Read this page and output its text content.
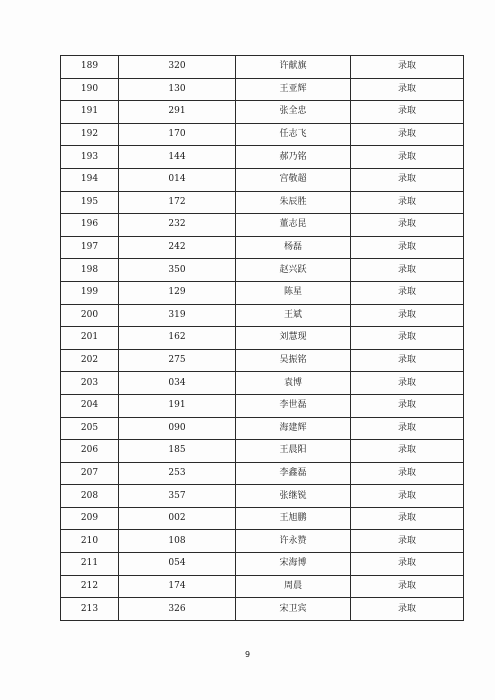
189	320	许献旗	录取
190	130	王亚辉	录取
191	291	张全忠	录取
192	170	任志飞	录取
193	144	郝乃铭	录取
194	014	宫敬超	录取
195	172	朱辰胜	录取
196	232	董志昆	录取
197	242	杨磊	录取
198	350	赵兴跃	录取
199	129	陈星	录取
200	319	王斌	录取
201	162	刘慧现	录取
202	275	吴振铭	录取
203	034	袁博	录取
204	191	李世磊	录取
205	090	海建辉	录取
206	185	王晨阳	录取
207	253	李鑫磊	录取
208	357	张继锐	录取
209	002	王旭鹏	录取
210	108	许永赞	录取
211	054	宋海博	录取
212	174	周晨	录取
213	326	宋卫宾	录取
9
